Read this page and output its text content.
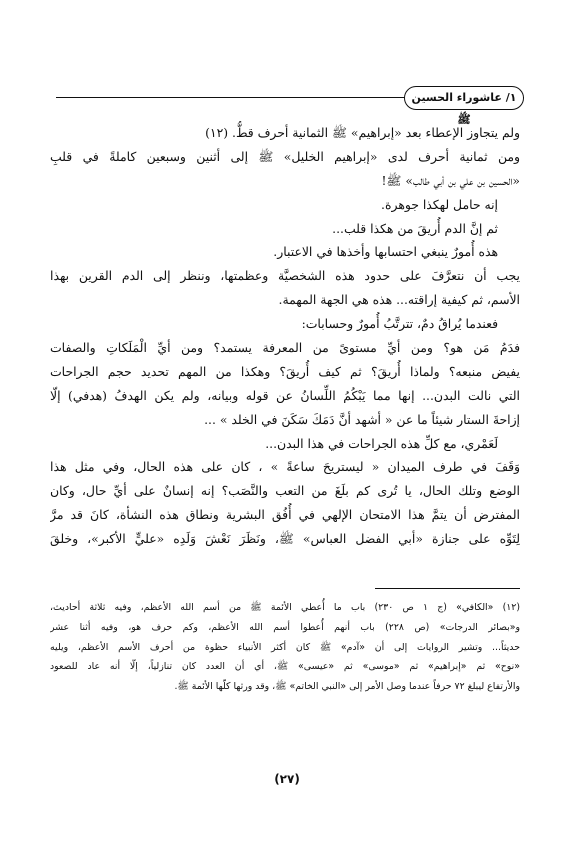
١/ عاشوراء الحسين ﷺ
ولم يتجاوز الإعطاء بعد «إبراهيم» ﷺ الثمانية أحرف قطُّ. (١٢)
ومن ثمانية أحرف لدى «إبراهيم الخليل» ﷺ إلى أثنين وسبعين كاملةً في قلبِ
«الحسين بن علي بن أبي طالب» ﷺ!
إنه حامل لهكذا جوهرة.
ثم إنَّ الدم أُريقَ من هكذا قلب...
هذه أُمورٌ ينبغي احتسابها وأخذها في الاعتبار.
يجب أن نتعرَّفَ على حدود هذه الشخصيَّة وعظمتها، وننظر إلى الدم القرين بهذا
الأسم، ثم كيفية إراقته... هذه هي الجهة المهمة.
فعندما يُراقُ دمٌ، تترتَّبُ أُمورٌ وحسابات:
فدَمُ مَن هو؟ ومن أيِّ مستوىً من المعرفة يستمد؟ ومن أيِّ الْمَلَكاتِ والصفات
يفيض منبعه؟ ولماذا أُريقَ؟ ثم كيف أُريقَ؟ وهكذا من المهم تحديد حجم الجراحات
التي نالت البدن... إنها مما يَبْكُمُ اللِّسانُ عن قوله وبيانه، ولم يكن الهدفُ (هدفي) إلّا
إزاحةَ الستار شيئاً ما عن « أشهد أنَّ دَمَكَ سَكَنَ في الخلد » ...
لَعَمْري، مع كلِّ هذه الجراحات في هذا البدن...
وَقَفَ في طرف الميدان « ليستريحَ ساعةً » ، كان على هذه الحال، وفي مثل هذا
الوضع وتلك الحال، يا تُرى كم بلَغَ من التعب والنَّصَب؟ إنه إنسانٌ على أيِّ حال، وكان
المفترض أن يتمَّ هذا الامتحان الإلهي في أُفُق البشرية ونطاق هذه النشأة، كانَ قد مرَّ
لِتَوِّه على جنازة «أبي الفضل العباس» ﷺ، ونَظَرَ نَعْشَ وَلَدِه «عليٍّ الأكبر»، وخلقَ
(١٢) «الكافي» (ج ١ ص ٢٣٠) باب ما أُعطي الأئمة ﷺ من أسم الله الأعظم، وفيه ثلاثة أحاديث،
و«بصائر الدرجات» (ص ٢٢٨) باب أنهم أُعطوا أسم الله الأعظم، وكم حرف هو، وفيه أثنا عشر
حديثاً... وتشير الروايات إلى أن «آدم» ﷺ كان أكثر الأنبياء حظوة من أحرف الأسم الأعظم، ويليه
«نوح» ثم «إبراهيم» ثم «موسى» ثم «عيسى» ﷺ، أي أن العدد كان تنازلياً، إلّا أنه عاد للصعود
والأرتفاع ليبلغ ٧٢ حرفاً عندما وصل الأمر إلى «النبي الخاتم» ﷺ، وقد ورثها كلّها الأئمة ﷺ.
(٢٧)
